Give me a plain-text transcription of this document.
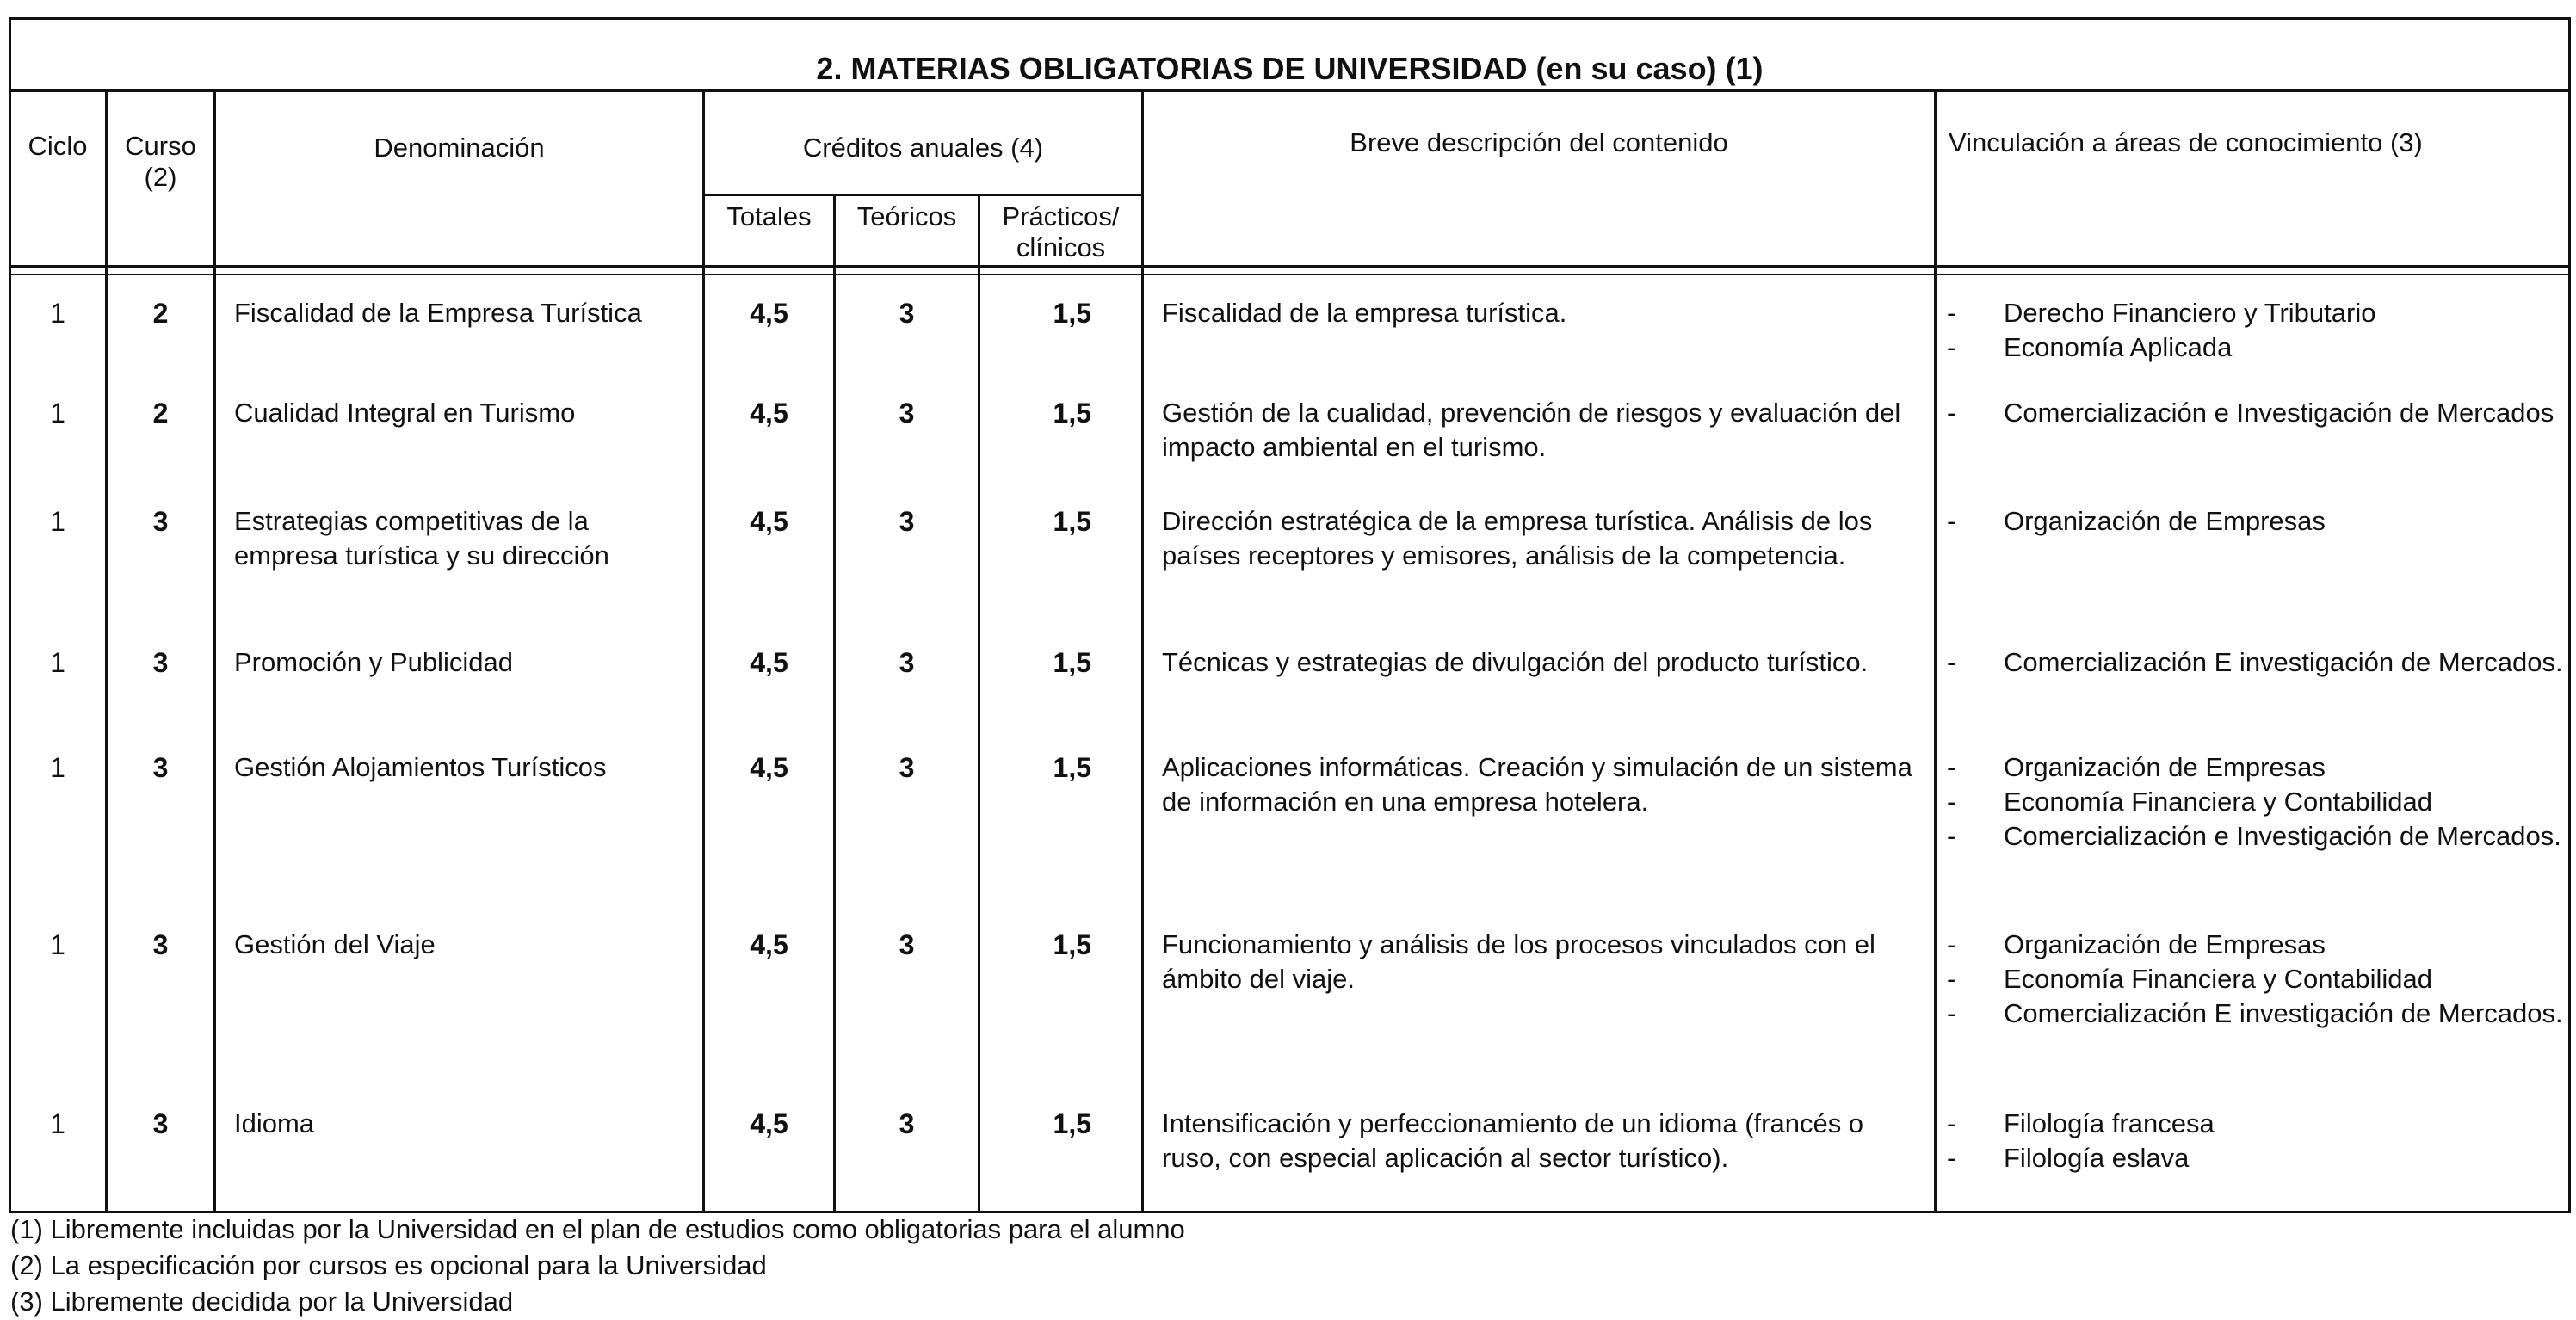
2. MATERIAS OBLIGATORIAS DE UNIVERSIDAD (en su caso) (1)
Ciclo	Curso
(2)
Denominación	Créditos anuales (4)
Totales	Teóricos	Prácticos/
clínicos
Breve descripción del contenido	Vinculación a áreas de conocimiento (3)
1	2	Fiscalidad de la Empresa Turística	4,5	3	1,5	Fiscalidad de la empresa turística.	-	Derecho Financiero y Tributario
-	Economía Aplicada
1	2	Cualidad Integral en Turismo	4,5	3	1,5	Gestión de la cualidad, prevención de riesgos y evaluación del impacto ambiental en el turismo.
-	Comercialización e Investigación de Mercados
1	3	Estrategias competitivas de la
empresa turística y su dirección
4,5	3	1,5	Dirección estratégica de la empresa turística. Análisis de los países receptores y emisores, análisis de la competencia.
-	Organización de Empresas
1	3	Promoción y Publicidad	4,5	3	1,5	Técnicas y estrategias de divulgación del producto turístico.	-	Comercialización E investigación de Mercados.
1	3	Gestión Alojamientos Turísticos	4,5	3	1,5	Aplicaciones informáticas. Creación y simulación de un sistema de información en una empresa hotelera.
-	Organización de Empresas
-	Economía Financiera y Contabilidad
-	Comercialización e Investigación de Mercados.
1	3	Gestión del Viaje	4,5	3	1,5	Funcionamiento y análisis de los procesos vinculados con el ámbito del viaje.
-	Organización de Empresas
-	Economía Financiera y Contabilidad
-	Comercialización E investigación de Mercados.
1	3	Idioma	4,5	3	1,5	Intensificación y perfeccionamiento de un idioma (francés o ruso, con especial aplicación al sector turístico).
-	Filología francesa
-	Filología eslava
(1) Libremente incluidas por la Universidad en el plan de estudios como obligatorias para el alumno
(2) La especificación por cursos es opcional para la Universidad
(3) Libremente decidida por la Universidad
